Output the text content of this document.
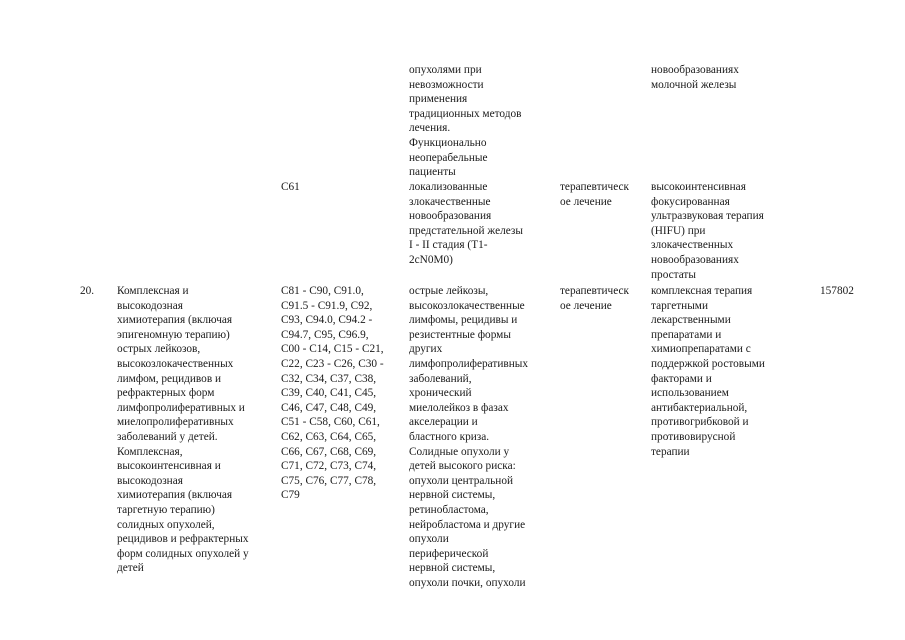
опухолями при
невозможности
применения
традиционных методов
лечения.
Функционально
неоперабельные
пациенты
новообразованиях
молочной железы
C61	локализованные
злокачественные
новообразования
предстательной железы
I - II стадия (T1-
2cN0M0)
терапевтическ
ое лечение
высокоинтенсивная
фокусированная
ультразвуковая терапия
(HIFU) при
злокачественных
новообразованиях
простаты
20. Комплексная и
высокодозная
химиотерапия (включая
эпигеномную терапию)
острых лейкозов,
высокозлокачественных
лимфом, рецидивов и
рефрактерных форм
лимфопролиферативных и
миелопролиферативных
заболеваний у детей.
Комплексная,
высокоинтенсивная и
высокодозная
химиотерапия (включая
таргетную терапию)
солидных опухолей,
рецидивов и рефрактерных
форм солидных опухолей у
детей
C81 - C90, C91.0,
C91.5 - C91.9, C92,
C93, C94.0, C94.2 -
C94.7, C95, C96.9,
C00 - C14, C15 - C21,
C22, C23 - C26, C30 -
C32, C34, C37, C38,
C39, C40, C41, C45,
C46, C47, C48, C49,
C51 - C58, C60, C61,
C62, C63, C64, C65,
C66, C67, C68, C69,
C71, C72, C73, C74,
C75, C76, C77, C78,
C79
острые лейкозы,
высокозлокачественные
лимфомы, рецидивы и
резистентные формы
других
лимфопролиферативных
заболеваний,
хронический
миелолейкоз в фазах
акселерации и
бластного криза.
Солидные опухоли у
детей высокого риска:
опухоли центральной
нервной системы,
ретинобластома,
нейробластома и другие
опухоли
периферической
нервной системы,
опухоли почки, опухоли
терапевтическ
ое лечение
комплексная терапия
таргетными
лекарственными
препаратами и
химиопрепаратами с
поддержкой ростовыми
факторами и
использованием
антибактериальной,
противогрибковой и
противовирусной
терапии
157802
